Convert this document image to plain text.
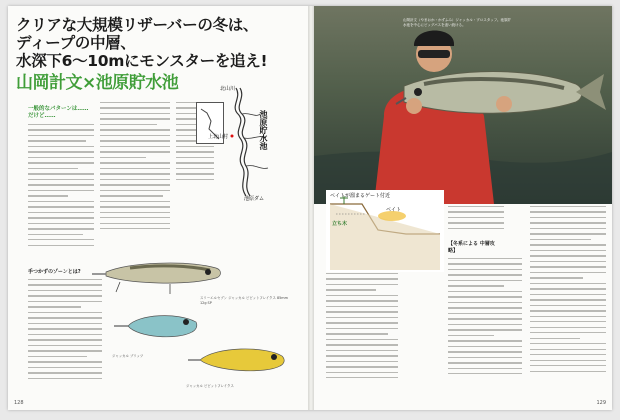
クリアな大規模リザーバーの冬は、
ディープの中層、
水深下6～10mにモンスターを追え!
山岡計文×池原貯水池
一般的なパターンは……
だけど……
北山川
上北山村
池原ダム
池原貯水池
スリーエルセブン ジャッカル ビビットフレイクス 85mm 12g SP
ジャッカル ブリッツ
ジャッカル ビビットフレイクス
手つかずのゾーンとは?
128
山岡計文（やまおか・かずふみ）ジャッカル・プロスタッフ。池原貯水池を中心にビッグバスを追い続ける。
ベイトが溜まるゲート付近
立ち木
ベイト
【冬系による 中層攻略】
129
